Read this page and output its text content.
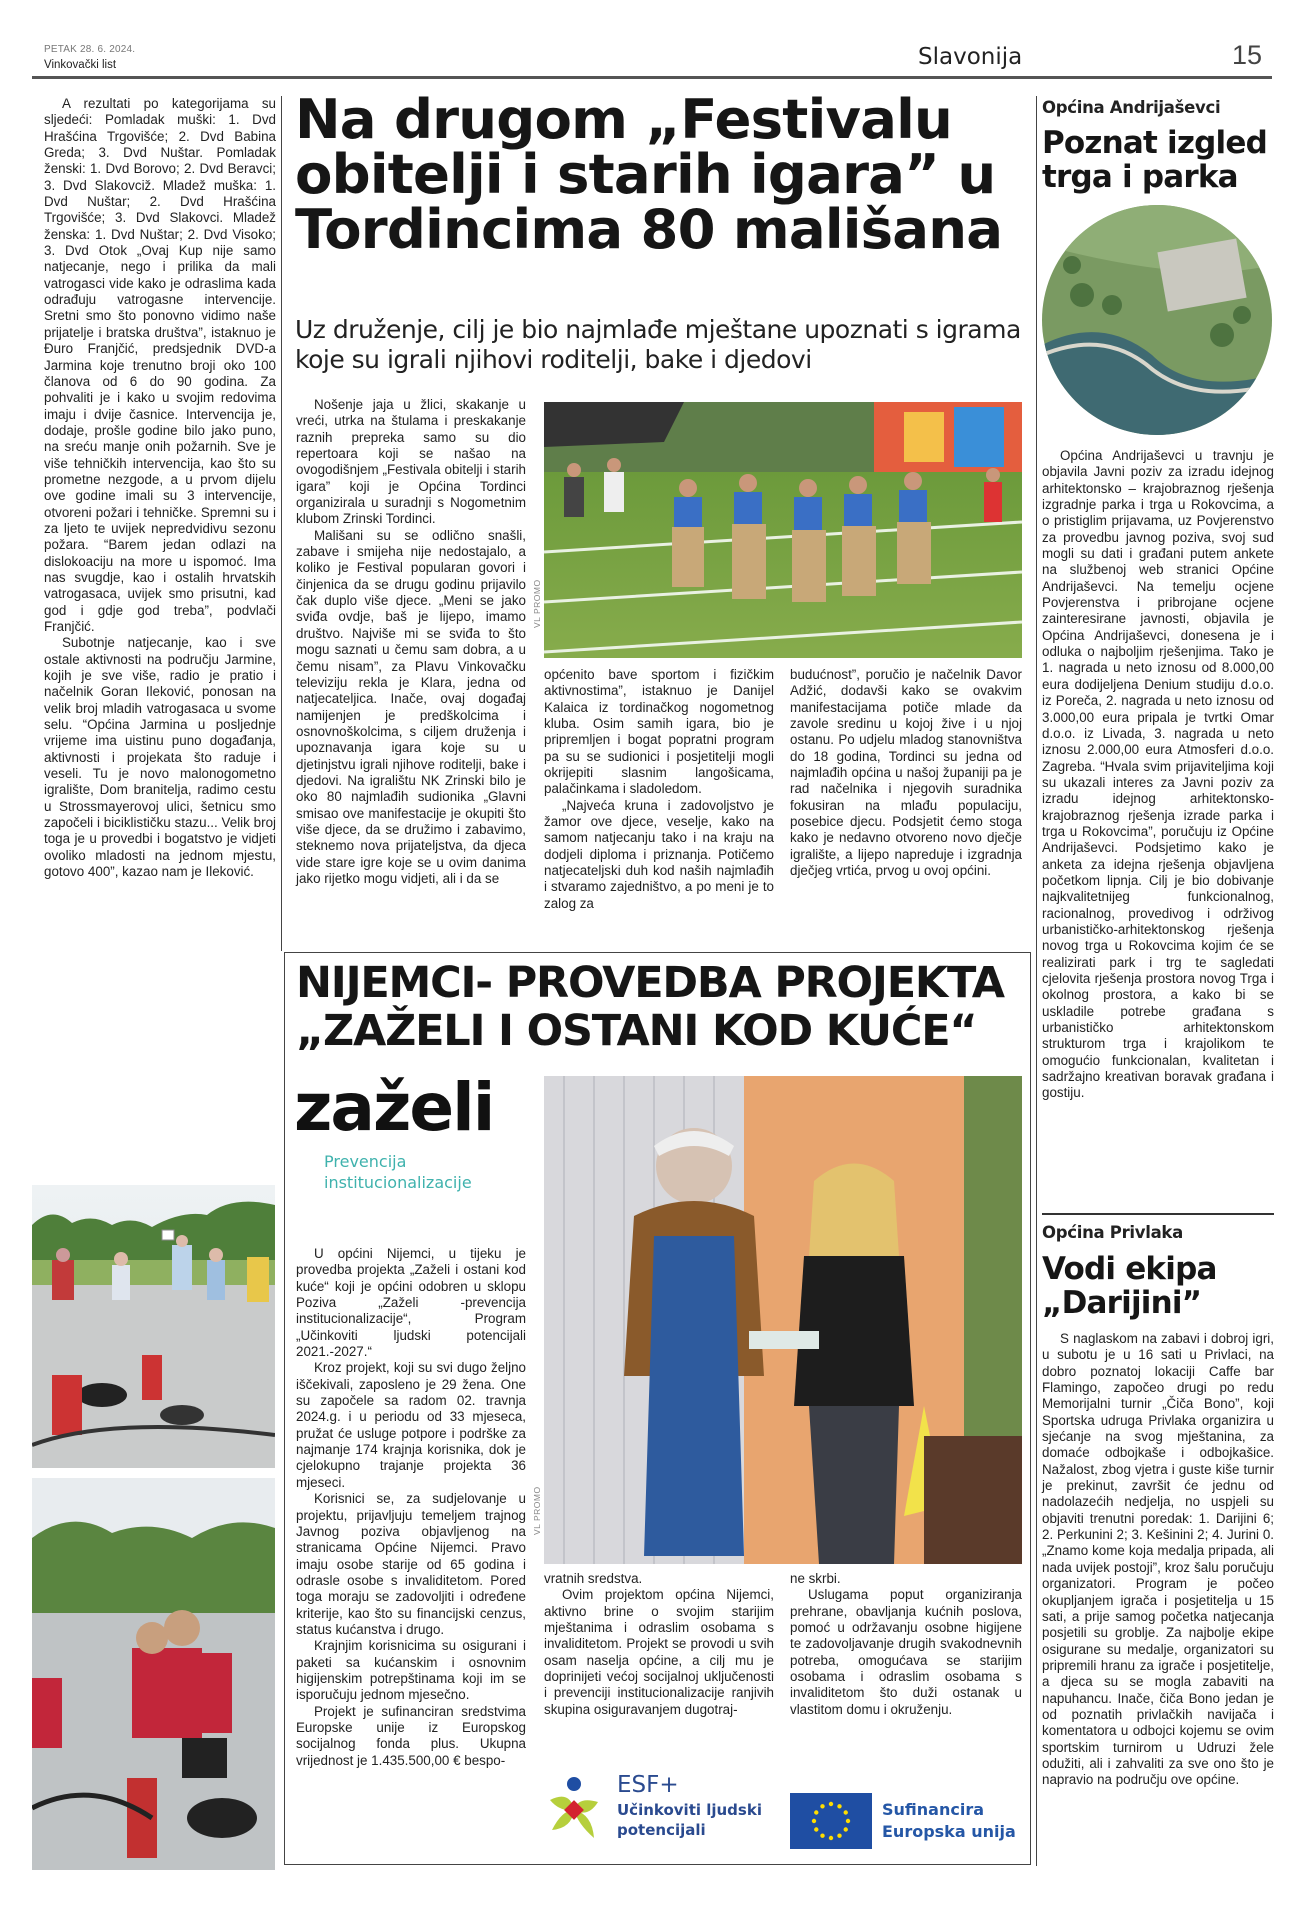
PETAK 28. 6. 2024.
Vinkovački list	Slavonija	15

A rezultati po kategorijama su sljedeći: Pomladak muški: 1. Dvd Hrašćina Trgovišće; 2. Dvd Babina Greda; 3. Dvd Nuštar. Pomladak ženski: 1. Dvd Borovo; 2. Dvd Beravci; 3. Dvd Slakovciž. Mladež muška: 1. Dvd Nuštar; 2. Dvd Hrašćina Trgovišće; 3. Dvd Slakovci. Mladež ženska: 1. Dvd Nuštar; 2. Dvd Visoko; 3. Dvd Otok „Ovaj Kup nije samo natjecanje, nego i prilika da mali vatrogasci vide kako je odraslima kada odrađuju vatrogasne intervencije. Sretni smo što ponovno vidimo naše prijatelje i bratska društva”, istaknuo je Đuro Franjčić, predsjednik DVD-a Jarmina koje trenutno broji oko 100 članova od 6 do 90 godina. Za pohvaliti je i kako u svojim redovima imaju i dvije časnice. Intervencija je, dodaje, prošle godine bilo jako puno, na sreću manje onih požarnih. Sve je više tehničkih intervencija, kao što su prometne nezgode, a u prvom dijelu ove godine imali su 3 intervencije, otvoreni požari i tehničke. Spremni su i za ljeto te uvijek nepredvidivu sezonu požara. “Barem jedan odlazi na dislokoaciju na more u ispomoć. Ima nas svugdje, kao i ostalih hrvatskih vatrogasaca, uvijek smo prisutni, kad god i gdje god treba”, podvlači Franjčić.

Subotnje natjecanje, kao i sve ostale aktivnosti na području Jarmine, kojih je sve više, radio je pratio i načelnik Goran Ileković, ponosan na velik broj mladih vatrogasaca u svome selu. “Općina Jarmina u posljednje vrijeme ima uistinu puno događanja, aktivnosti i projekata što raduje i veseli. Tu je novo malonogometno igralište, Dom branitelja, radimo cestu u Strossmayerovoj ulici, šetnicu smo započeli i biciklističku stazu... Velik broj toga je u provedbi i bogatstvo je vidjeti ovoliko mladosti na jednom mjestu, gotovo 400”, kazao nam je Ileković.

Na drugom „Festivalu obitelji i starih igara” u Tordincima 80 mališana
Uz druženje, cilj je bio najmlađe mještane upoznati s igrama koje su igrali njihovi roditelji, bake i djedovi

Nošenje jaja u žlici, skakanje u vreći, utrka na štulama i preskakanje raznih prepreka samo su dio repertoara koji se našao na ovogodišnjem „Festivala obitelji i starih igara” koji je Općina Tordinci organizirala u suradnji s Nogometnim klubom Zrinski Tordinci.

Mališani su se odlično snašli, zabave i smijeha nije nedostajalo, a koliko je Festival popularan govori i činjenica da se drugu godinu prijavilo čak duplo više djece. „Meni se jako sviđa ovdje, baš je lijepo, imamo društvo. Najviše mi se sviđa to što mogu saznati u čemu sam dobra, a u čemu nisam”, za Plavu Vinkovačku televiziju rekla je Klara, jedna od natjecateljica. Inače, ovaj događaj namijenjen je predškolcima i osnovnoškolcima, s ciljem druženja i upoznavanja igara koje su u djetinjstvu igrali njihove roditelji, bake i djedovi. Na igralištu NK Zrinski bilo je oko 80 najmlađih sudionika „Glavni smisao ove manifestacije je okupiti što više djece, da se družimo i zabavimo, steknemo nova prijateljstva, da djeca vide stare igre koje se u ovim danima jako rijetko mogu vidjeti, ali i da se

VL PROMO

općenito bave sportom i fizičkim aktivnostima”, istaknuo je Danijel Kalaica iz tordinačkog nogometnog kluba. Osim samih igara, bio je pripremljen i bogat popratni program pa su se sudionici i posjetitelji mogli okrijepiti slasnim langošicama, palačinkama i sladoledom.

„Najveća kruna i zadovoljstvo je žamor ove djece, veselje, kako na samom natjecanju tako i na kraju na dodjeli diploma i priznanja. Potičemo natjecateljski duh kod naših najmlađih i stvaramo zajedništvo, a po meni je to zalog za

budućnost”, poručio je načelnik Davor Adžić, dodavši kako se ovakvim manifestacijama potiče mlade da zavole sredinu u kojoj žive i u njoj ostanu. Po udjelu mladog stanovništva do 18 godina, Tordinci su jedna od najmlađih općina u našoj županiji pa je rad načelnika i njegovih suradnika fokusiran na mlađu populaciju, posebice djecu. Podsjetit ćemo stoga kako je nedavno otvoreno novo dječje igralište, a lijepo napreduje i izgradnja dječjeg vrtića, prvog u ovoj općini.

NIJEMCI- PROVEDBA PROJEKTA „ZAŽELI I OSTANI KOD KUĆE“
zaželi
Prevencija
institucionalizacije

U općini Nijemci, u tijeku je provedba projekta „Zaželi i ostani kod kuće“ koji je općini odobren u sklopu Poziva „Zaželi -prevencija institucionalizacije“, Program „Učinkoviti ljudski potencijali 2021.-2027.“

Kroz projekt, koji su svi dugo željno iščekivali, zaposleno je 29 žena. One su započele sa radom 02. travnja 2024.g. i u periodu od 33 mjeseca, pružat će usluge potpore i podrške za najmanje 174 krajnja korisnika, dok je cjelokupno trajanje projekta 36 mjeseci.

Korisnici se, za sudjelovanje u projektu, prijavljuju temeljem trajnog Javnog poziva objavljenog na stranicama Općine Nijemci. Pravo imaju osobe starije od 65 godina i odrasle osobe s invaliditetom. Pored toga moraju se zadovoljiti i određene kriterije, kao što su financijski cenzus, status kućanstva i drugo.

Krajnjim korisnicima su osigurani i paketi sa kućanskim i osnovnim higijenskim potrepštinama koji im se isporučuju jednom mjesečno.

Projekt je sufinanciran sredstvima Europske unije iz Europskog socijalnog fonda plus. Ukupna vrijednost je 1.435.500,00 € bespo-

VL PROMO

vratnih sredstva.

Ovim projektom općina Nijemci, aktivno brine o svojim starijim mještanima i odraslim osobama s invaliditetom. Projekt se provodi u svih osam naselja općine, a cilj mu je doprinijeti većoj socijalnoj uključenosti i prevenciji institucionalizacije ranjivih skupina osiguravanjem dugotraj-

ne skrbi.

Uslugama poput organiziranja prehrane, obavljanja kućnih poslova, pomoć u održavanju osobne higijene te zadovoljavanje drugih svakodnevnih potreba, omogućava se starijim osobama i odraslim osobama s invaliditetom što duži ostanak u vlastitom domu i okruženju.

ESF+
Učinkoviti ljudski
potencijali
Sufinancira
Europska unija
Općina Andrijaševci
Poznat izgled trga i parka

Općina Andrijaševci u travnju je objavila Javni poziv za izradu idejnog arhitektonsko – krajobraznog rješenja izgradnje parka i trga u Rokovcima, a o pristiglim prijavama, uz Povjerenstvo za provedbu javnog poziva, svoj sud mogli su dati i građani putem ankete na službenoj web stranici Općine Andrijaševci. Na temelju ocjene Povjerenstva i pribrojane ocjene zainteresirane javnosti, objavila je Općina Andrijaševci, donesena je i odluka o najboljim rješenjima. Tako je 1. nagrada u neto iznosu od 8.000,00 eura dodijeljena Denium studiju d.o.o. iz Poreča, 2. nagrada u neto iznosu od 3.000,00 eura pripala je tvrtki Omar d.o.o. iz Livada, 3. nagrada u neto iznosu 2.000,00 eura Atmosferi d.o.o. Zagreba. “Hvala svim prijaviteljima koji su ukazali interes za Javni poziv za izradu idejnog arhitektonsko-krajobraznog rješenja izrade parka i trga u Rokovcima”, poručuju iz Općine Andrijaševci. Podsjetimo kako je anketa za idejna rješenja objavljena početkom lipnja. Cilj je bio dobivanje najkvalitetnijeg funkcionalnog, racionalnog, provedivog i održivog urbanističko-arhitektonskog rješenja novog trga u Rokovcima kojim će se realizirati park i trg te sagledati cjelovita rješenja prostora novog Trga i okolnog prostora, a kako bi se uskladile potrebe građana s urbanističko arhitektonskom strukturom trga i krajolikom te omogućio funkcionalan, kvalitetan i sadržajno kreativan boravak građana i gostiju.

Općina Privlaka
Vodi ekipa „Darijini”

S naglaskom na zabavi i dobroj igri, u subotu je u 16 sati u Privlaci, na dobro poznatoj lokaciji Caffe bar Flamingo, započeo drugi po redu Memorijalni turnir „Čiča Bono”, koji Sportska udruga Privlaka organizira u sjećanje na svog mještanina, za domaće odbojkaše i odbojkašice. Nažalost, zbog vjetra i guste kiše turnir je prekinut, završit će jednu od nadolazećih nedjelja, no uspjeli su objaviti trenutni poredak: 1. Darijini 6; 2. Perkunini 2; 3. Kešinini 2; 4. Jurini 0. „Znamo kome koja medalja pripada, ali nada uvijek postoji”, kroz šalu poručuju organizatori. Program je počeo okupljanjem igrača i posjetitelja u 15 sati, a prije samog početka natjecanja posjetili su groblje. Za najbolje ekipe osigurane su medalje, organizatori su pripremili hranu za igrače i posjetitelje, a djeca su se mogla zabaviti na napuhancu. Inače, čiča Bono jedan je od poznatih privlačkih navijača i komentatora u odbojci kojemu se ovim sportskim turnirom u Udruzi žele odužiti, ali i zahvaliti za sve ono što je napravio na području ove općine.
